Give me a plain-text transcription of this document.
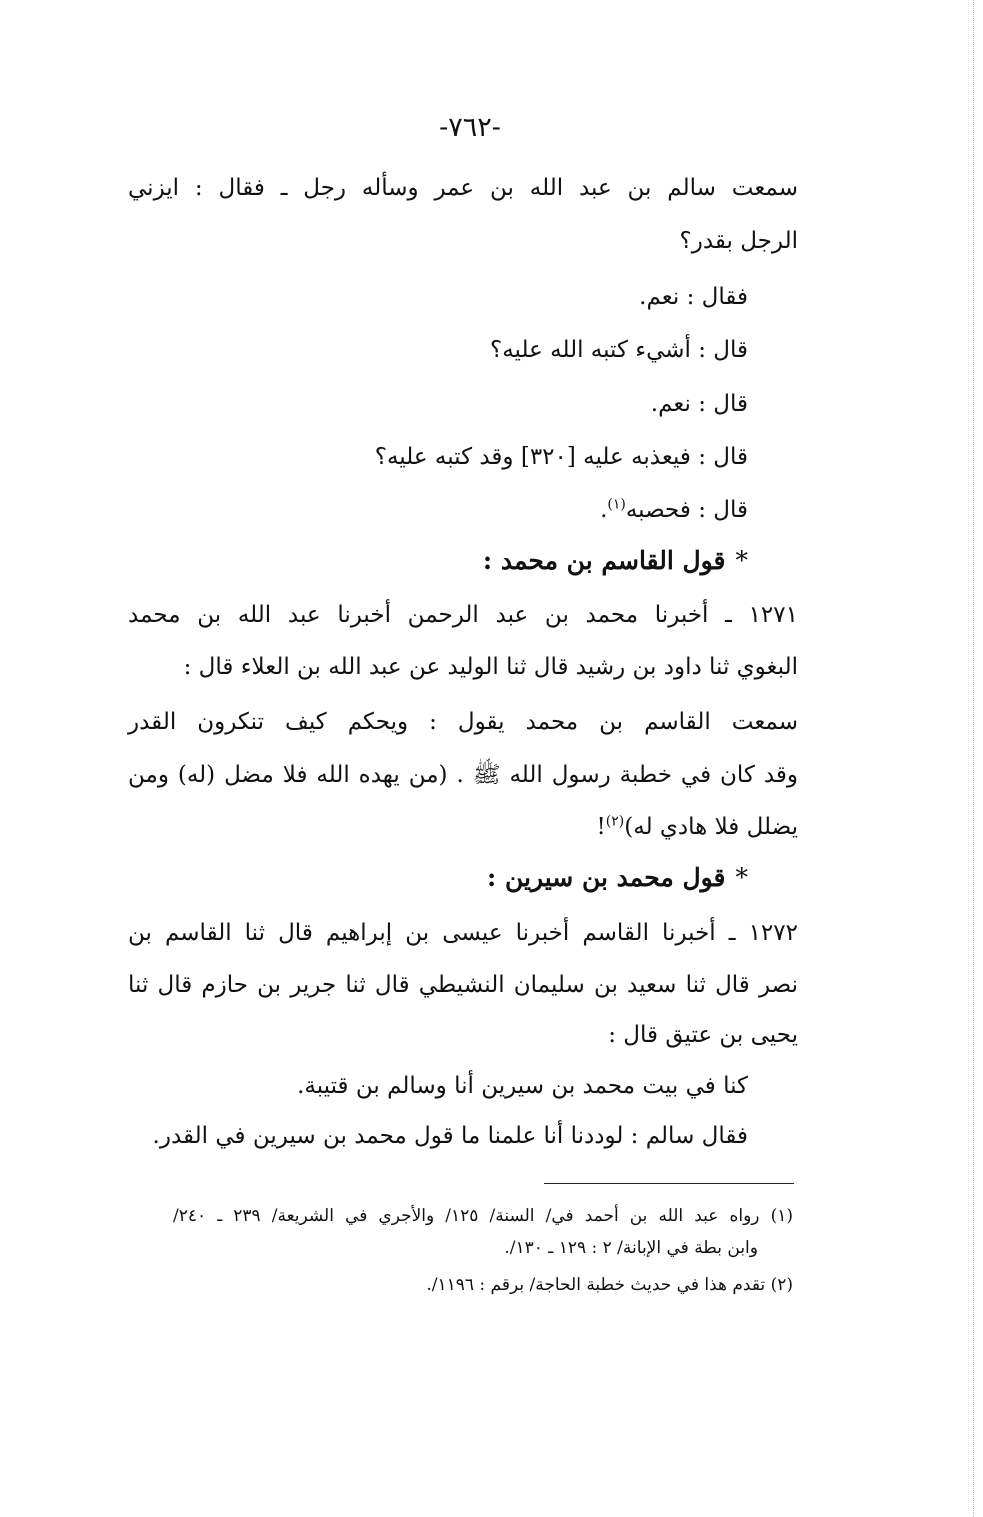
-٧٦٢-
سمعت سالم بن عبد الله بن عمر وسأله رجل ـ فقال : ايزني
الرجل بقدر؟
فقال : نعم.
قال : أشيء كتبه الله عليه؟
قال : نعم.
قال : فيعذبه عليه [٣٢٠] وقد كتبه عليه؟
قال : فحصبه$^{(١)}$.
*قول القاسم بن محمد :
١٢٧١ ـ أخبرنا محمد بن عبد الرحمن أخبرنا عبد الله بن محمد
البغوي ثنا داود بن رشيد قال ثنا الوليد عن عبد الله بن العلاء قال :
سمعت القاسم بن محمد يقول : ويحكم كيف تنكرون القدر
وقد كان في خطبة رسول الله ﷺ . (من يهده الله فلا مضل (له) ومن
يضلل فلا هادي له)$^{(٢)}$!
*قول محمد بن سيرين :
١٢٧٢ ـ أخبرنا القاسم أخبرنا عيسى بن إبراهيم قال ثنا القاسم بن
نصر قال ثنا سعيد بن سليمان النشيطي قال ثنا جرير بن حازم قال ثنا
يحيى بن عتيق قال :
كنا في بيت محمد بن سيرين أنا وسالم بن قتيبة.
فقال سالم : لوددنا أنا علمنا ما قول محمد بن سيرين في القدر.
(١) رواه عبد الله بن أحمد في/ السنة/ ١٢٥/ والأجري في الشريعة/ ٢٣٩ ـ ٢٤٠/
وابن بطة في الإبانة/ ٢ : ١٢٩ ـ ١٣٠/.
(٢) تقدم هذا في حديث خطبة الحاجة/ برقم : ١١٩٦/.
